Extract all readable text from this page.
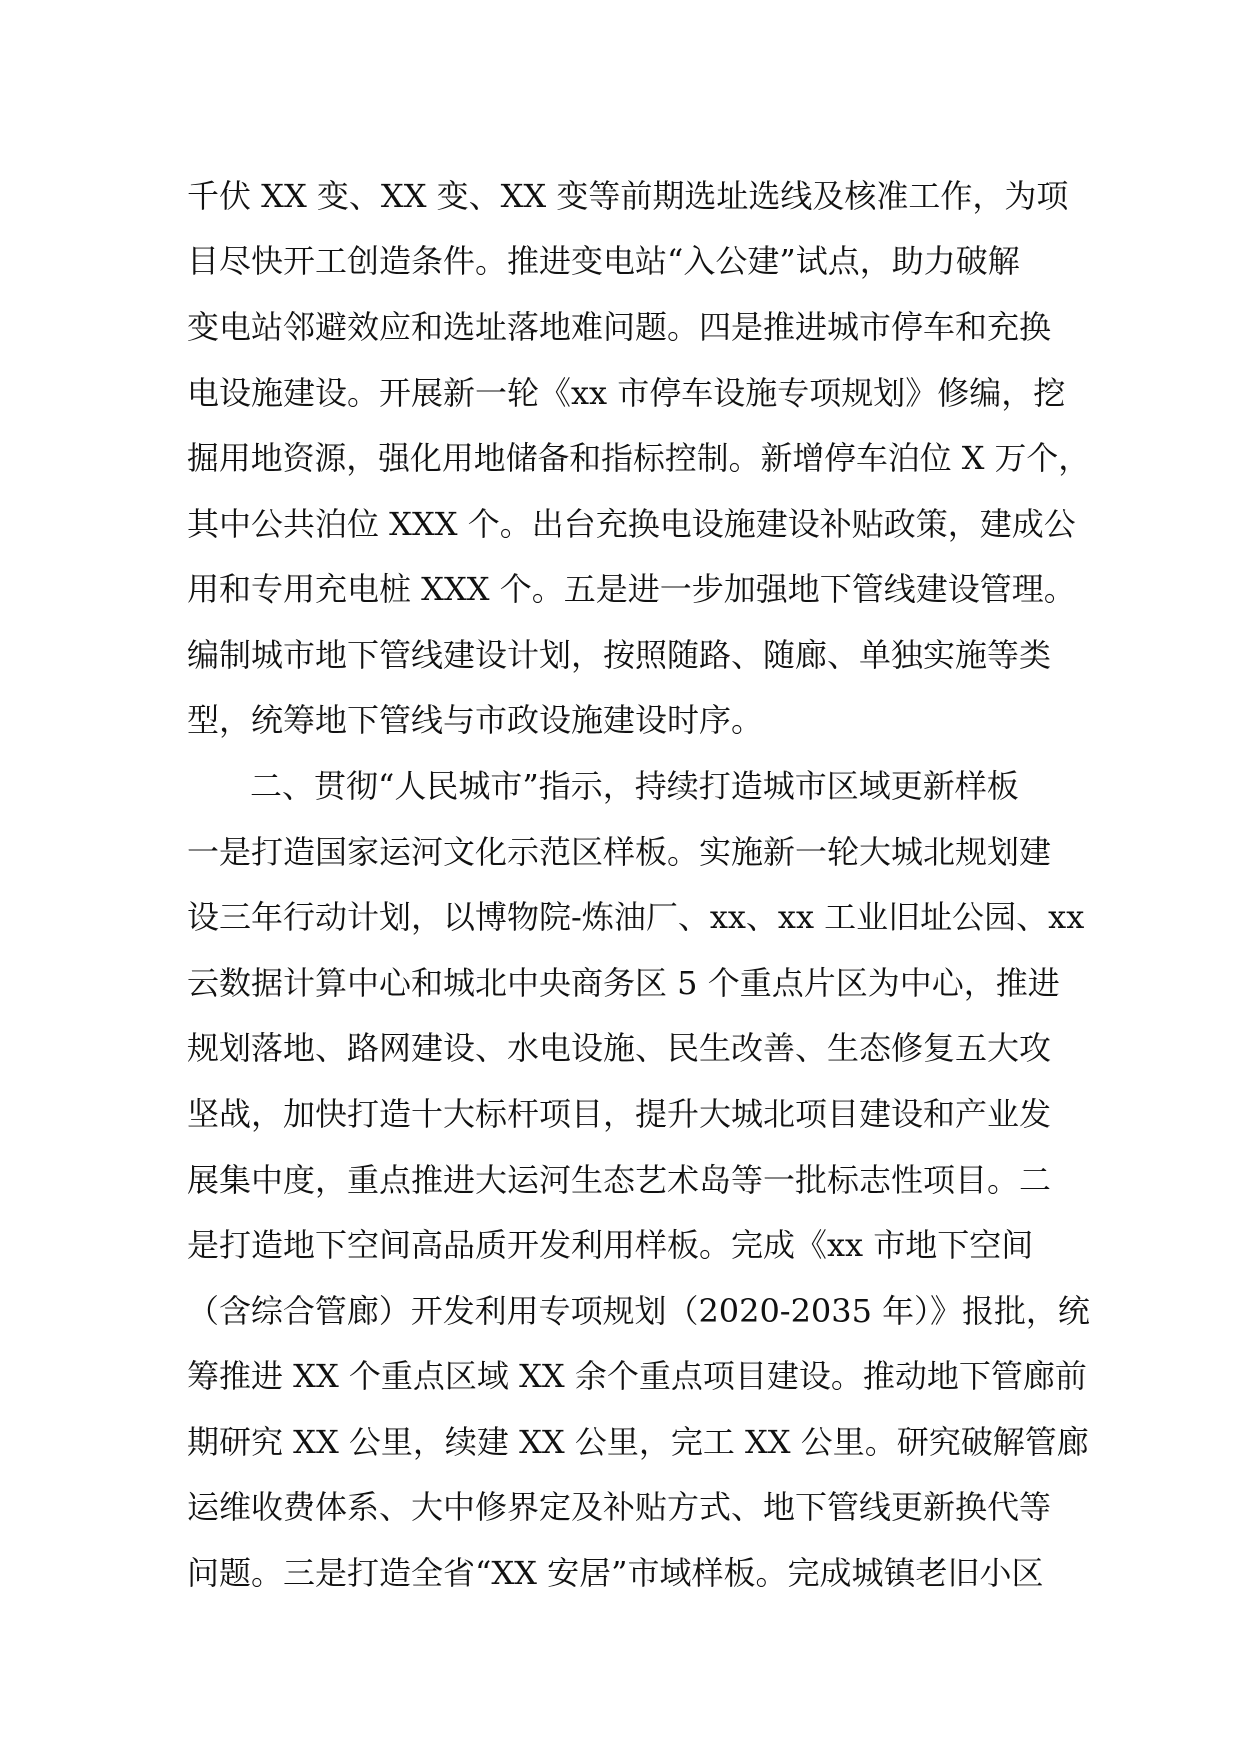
千伏 XX 变、XX 变、XX 变等前期选址选线及核准工作，为项
目尽快开工创造条件。推进变电站“入公建”试点，助力破解
变电站邻避效应和选址落地难问题。四是推进城市停车和充换
电设施建设。开展新一轮《xx 市停车设施专项规划》修编，挖
掘用地资源，强化用地储备和指标控制。新增停车泊位 X 万个，
其中公共泊位 XXX 个。出台充换电设施建设补贴政策，建成公
用和专用充电桩 XXX 个。五是进一步加强地下管线建设管理。
编制城市地下管线建设计划，按照随路、随廊、单独实施等类
型，统筹地下管线与市政设施建设时序。
二、贯彻“人民城市”指示，持续打造城市区域更新样板
一是打造国家运河文化示范区样板。实施新一轮大城北规划建
设三年行动计划，以博物院-炼油厂、xx、xx 工业旧址公园、xx
云数据计算中心和城北中央商务区 5 个重点片区为中心，推进
规划落地、路网建设、水电设施、民生改善、生态修复五大攻
坚战，加快打造十大标杆项目，提升大城北项目建设和产业发
展集中度，重点推进大运河生态艺术岛等一批标志性项目。二
是打造地下空间高品质开发利用样板。完成《xx 市地下空间
（含综合管廊）开发利用专项规划（2020-2035 年）》报批，统
筹推进 XX 个重点区域 XX 余个重点项目建设。推动地下管廊前
期研究 XX 公里，续建 XX 公里，完工 XX 公里。研究破解管廊
运维收费体系、大中修界定及补贴方式、地下管线更新换代等
问题。三是打造全省“XX 安居”市域样板。完成城镇老旧小区
